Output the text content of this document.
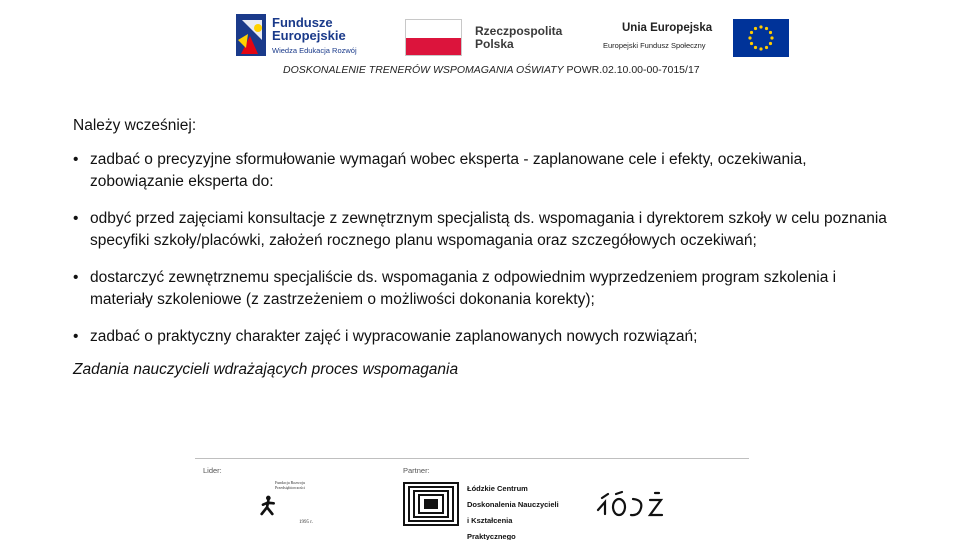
Fundusze
Europejskie
Wiedza Edukacja Rozwój
Rzeczpospolita
Polska
Unia Europejska
Europejski Fundusz Społeczny
DOSKONALENIE TRENERÓW WSPOMAGANIA OŚWIATY POWR.02.10.00-00-7015/17
Należy wcześniej:
• zadbać o precyzyjne sformułowanie wymagań wobec eksperta - zaplanowane cele i efekty, oczekiwania, zobowiązanie eksperta do:
• odbyć przed zajęciami konsultacje z zewnętrznym specjalistą ds. wspomagania i dyrektorem szkoły w celu poznania specyfiki szkoły/placówki, założeń rocznego planu wspomagania oraz szczegółowych oczekiwań;
• dostarczyć zewnętrznemu specjaliście ds. wspomagania z odpowiednim wyprzedzeniem program szkolenia i materiały szkoleniowe (z zastrzeżeniem o możliwości dokonania korekty);
• zadbać o praktyczny charakter zajęć i wypracowanie zaplanowanych nowych rozwiązań;
Zadania nauczycieli wdrażających proces wspomagania
Lider:	Partner:
Fundacja Rozwoju
Przedsiębiorczości
1995 r.
Łódzkie Centrum
Doskonalenia Nauczycieli
i Kształcenia Praktycznego
